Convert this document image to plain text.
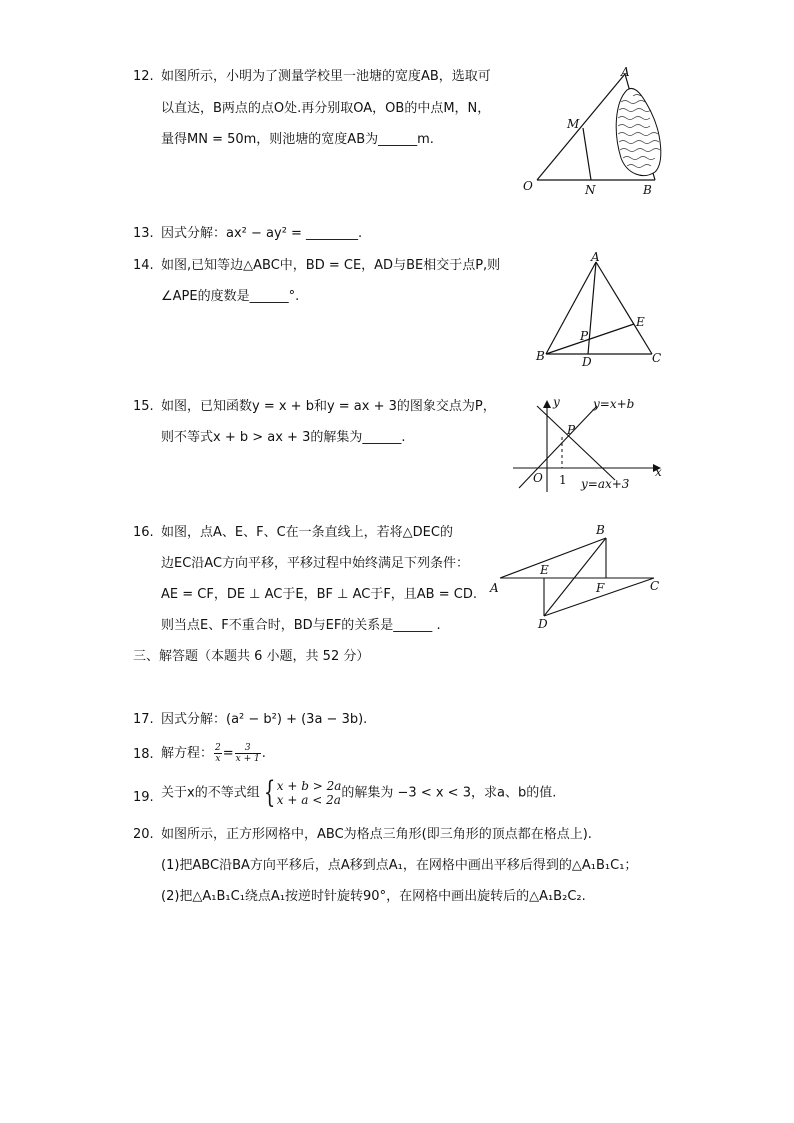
12. 如图所示，小明为了测量学校里一池塘的宽度AB，选取可
以直达，B两点的点O处.再分别取OA，OB的中点M，N，
量得MN = 50m，则池塘的宽度AB为______m.
A
M
O	N	B
13. 因式分解：ax² − ay² = ________.
14. 如图,已知等边△ABC中，BD = CE，AD与BE相交于点P,则
∠APE的度数是______°.
A
P
E
B	D	C
15. 如图，已知函数y = x + b和y = ax + 3的图象交点为P，
则不等式x + b > ax + 3的解集为______.
y
x
O 1
P
y=x+b
y=ax+3
16. 如图，点A、E、F、C在一条直线上，若将△DEC的
边EC沿AC方向平移，平移过程中始终满足下列条件：
AE = CF，DE ⊥ AC于E，BF ⊥ AC于F，且AB = CD.
则当点E、F不重合时，BD与EF的关系是______ .
A
E
F	C
B
D
三、解答题（本题共 6 小题，共 52 分）
17. 因式分解：(a² − b²) + (3a − 3b).
18. 解方程： $\frac{2}{x} = \frac{3}{x + 1}$ .
19. 关于x的不等式组 { x + b > 2a
x + a < 2a 的解集为 −3 < x < 3，求a、b的值.
20. 如图所示，正方形网格中，ABC为格点三角形(即三角形的顶点都在格点上).
(1)把ABC沿BA方向平移后，点A移到点A₁，在网格中画出平移后得到的△A₁B₁C₁；
(2)把△A₁B₁C₁绕点A₁按逆时针旋转90°，在网格中画出旋转后的△A₁B₂C₂.
